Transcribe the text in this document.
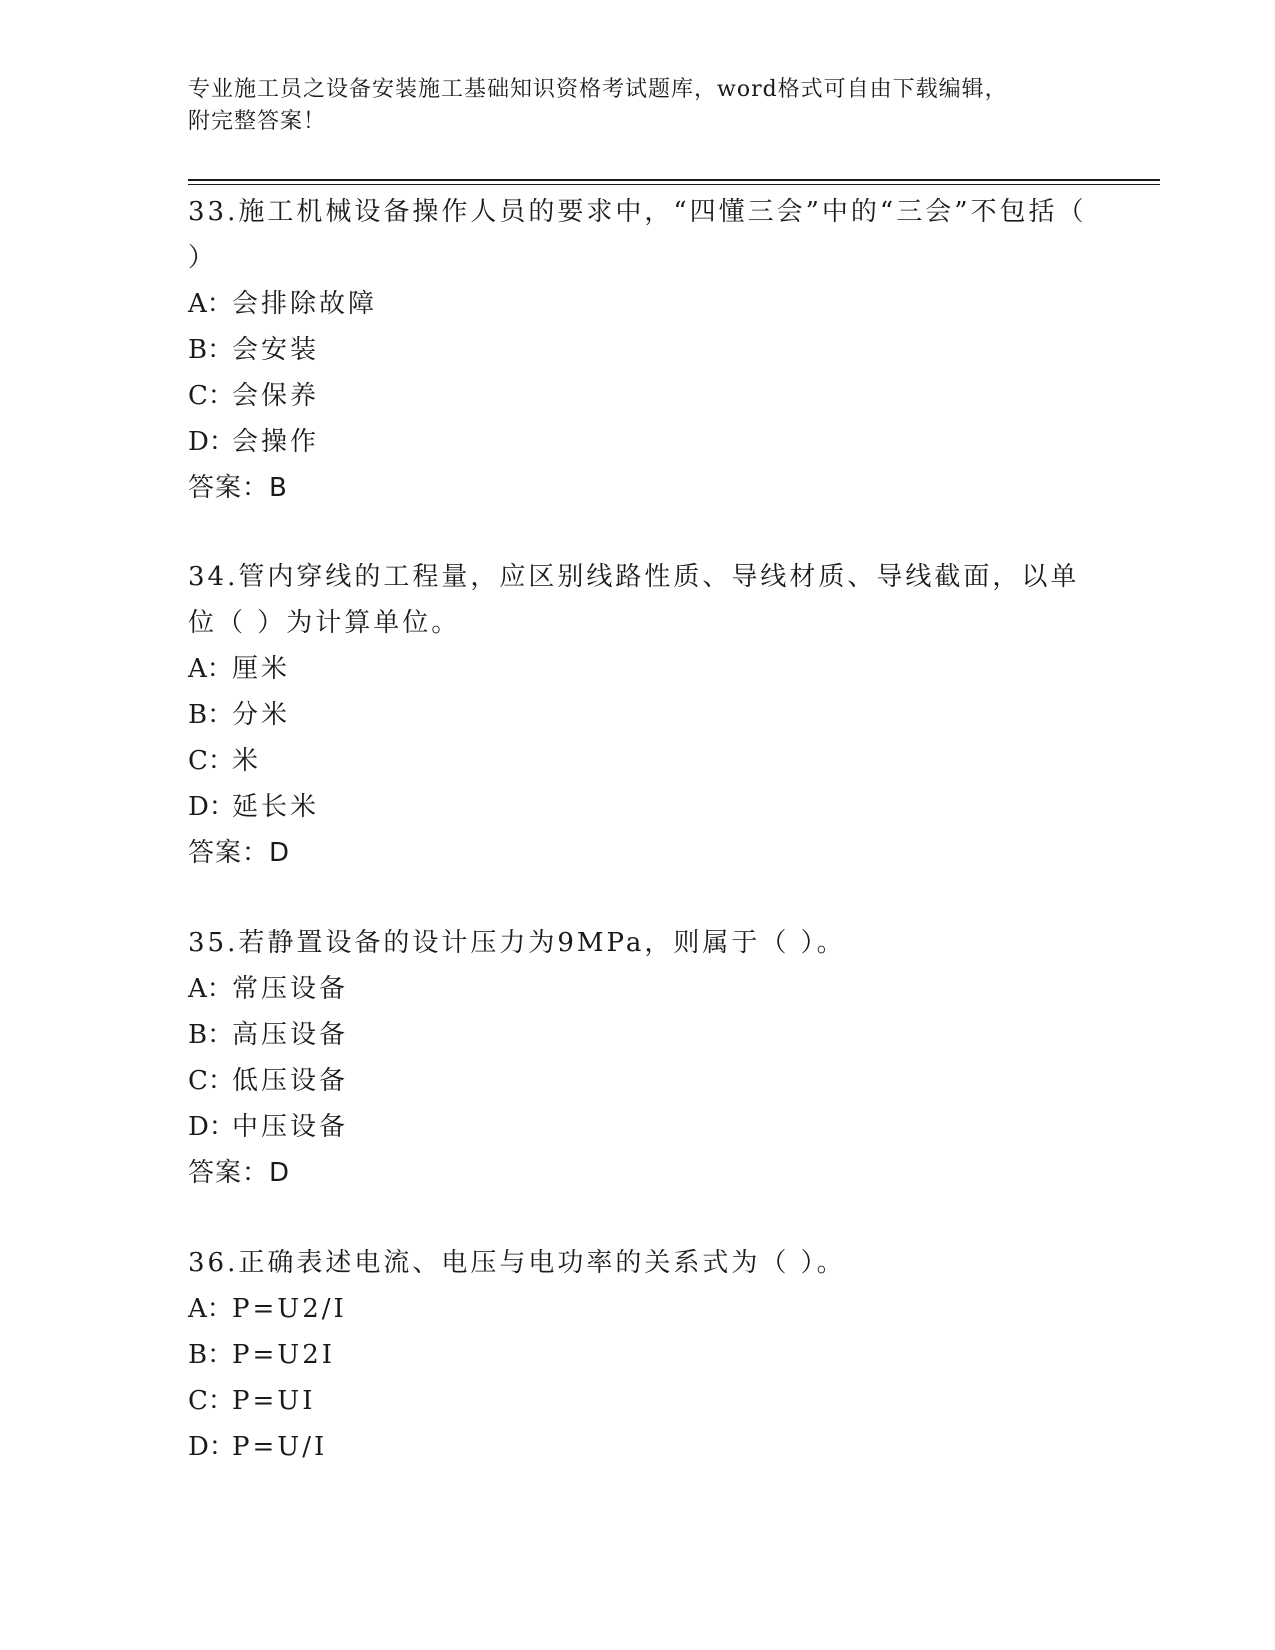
专业施工员之设备安装施工基础知识资格考试题库，word格式可自由下载编辑，
附完整答案！

33.施工机械设备操作人员的要求中，“四懂三会”中的“三会”不包括（ ）

A：会排除故障

B：会安装

C：会保养

D：会操作

答案：B

34.管内穿线的工程量，应区别线路性质、导线材质、导线截面，以单位（ ）为计算单位。

A：厘米

B：分米

C：米

D：延长米

答案：D

35.若静置设备的设计压力为9MPa，则属于（ ）。

A：常压设备

B：高压设备

C：低压设备

D：中压设备

答案：D

36.正确表述电流、电压与电功率的关系式为（ ）。

A：P=U2/I

B：P=U2I

C：P=UI

D：P=U/I
